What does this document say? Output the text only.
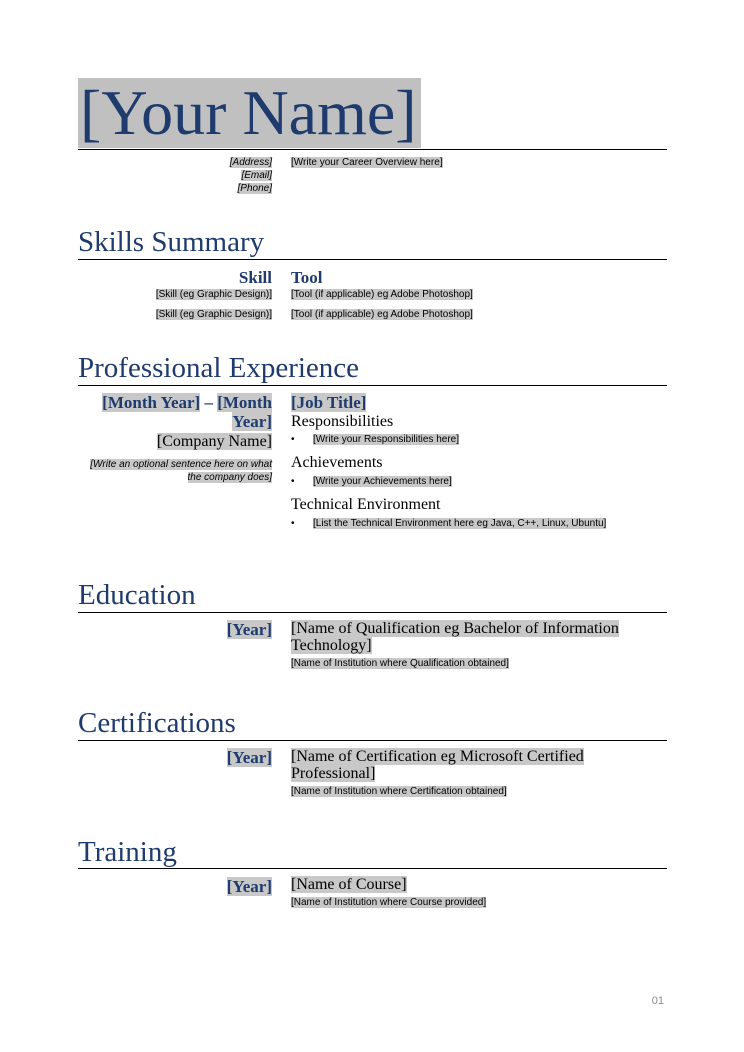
[Your Name]
[Address]
[Email]
[Phone]
[Write your Career Overview here]
Skills Summary
Skill Tool
[Skill (eg Graphic Design)] [Tool (if applicable) eg Adobe Photoshop]
[Skill (eg Graphic Design)] [Tool (if applicable) eg Adobe Photoshop]
Professional Experience
[Month Year] – [Month
Year]
[Company Name]
[Write an optional sentence here on what the company does]
[Job Title]
Responsibilities
• [Write your Responsibilities here]
Achievements
• [Write your Achievements here]
Technical Environment
• [List the Technical Environment here eg Java, C++, Linux, Ubuntu]
Education
[Year] [Name of Qualification eg Bachelor of Information Technology]
[Name of Institution where Qualification obtained]
Certifications
[Year] [Name of Certification eg Microsoft Certified Professional]
[Name of Institution where Certification obtained]
Training
[Year] [Name of Course]
[Name of Institution where Course provided]
01
